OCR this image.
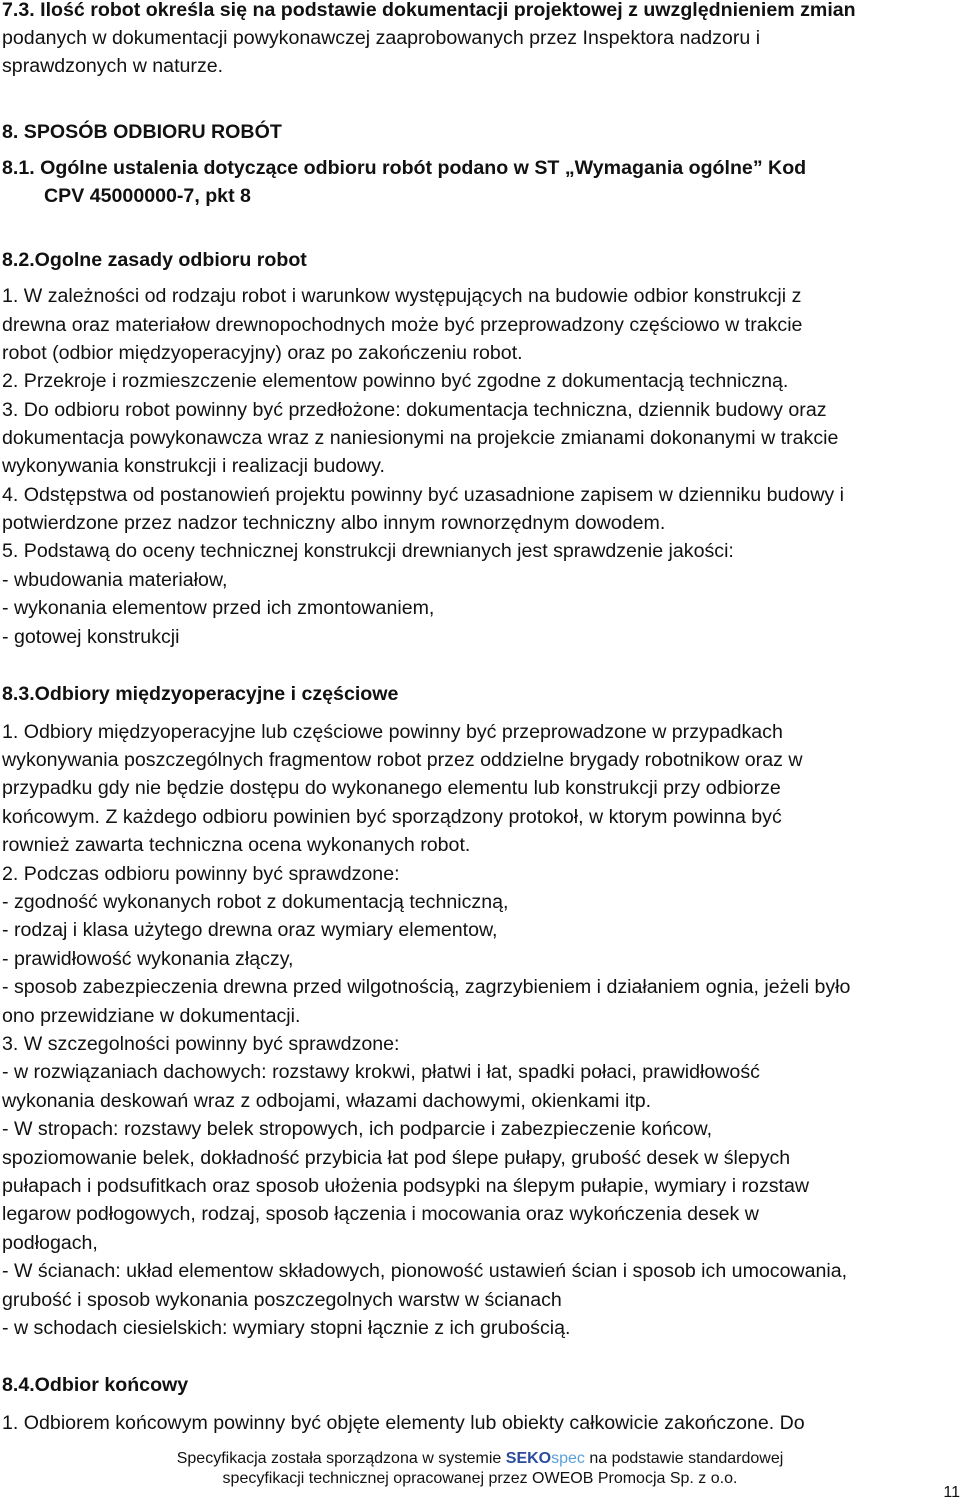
7.3. Ilość robot określa się na podstawie dokumentacji projektowej z uwzględnieniem zmian
podanych w dokumentacji powykonawczej zaaprobowanych przez Inspektora nadzoru i
sprawdzonych w naturze.
8. SPOSÓB ODBIORU ROBÓT
8.1. Ogólne ustalenia dotyczące odbioru robót podano w ST „Wymagania ogólne” Kod
CPV 45000000-7, pkt 8
8.2.Ogolne zasady odbioru robot
1. W zależności od rodzaju robot i warunkow występujących na budowie odbior konstrukcji z
drewna oraz materiałow drewnopochodnych może być przeprowadzony częściowo w trakcie
robot (odbior międzyoperacyjny) oraz po zakończeniu robot.
2. Przekroje i rozmieszczenie elementow powinno być zgodne z dokumentacją techniczną.
3. Do odbioru robot powinny być przedłożone: dokumentacja techniczna, dziennik budowy oraz
dokumentacja powykonawcza wraz z naniesionymi na projekcie zmianami dokonanymi w trakcie
wykonywania konstrukcji i realizacji budowy.
4. Odstępstwa od postanowień projektu powinny być uzasadnione zapisem w dzienniku budowy i
potwierdzone przez nadzor techniczny albo innym rownorzędnym dowodem.
5. Podstawą do oceny technicznej konstrukcji drewnianych jest sprawdzenie jakości:
- wbudowania materiałow,
- wykonania elementow przed ich zmontowaniem,
- gotowej konstrukcji
8.3.Odbiory międzyoperacyjne i częściowe
1. Odbiory międzyoperacyjne lub częściowe powinny być przeprowadzone w przypadkach
wykonywania poszczególnych fragmentow robot przez oddzielne brygady robotnikow oraz w
przypadku gdy nie będzie dostępu do wykonanego elementu lub konstrukcji przy odbiorze
końcowym. Z każdego odbioru powinien być sporządzony protokoł, w ktorym powinna być
rownież zawarta techniczna ocena wykonanych robot.
2. Podczas odbioru powinny być sprawdzone:
- zgodność wykonanych robot z dokumentacją techniczną,
- rodzaj i klasa użytego drewna oraz wymiary elementow,
- prawidłowość wykonania złączy,
- sposob zabezpieczenia drewna przed wilgotnością, zagrzybieniem i działaniem ognia, jeżeli było
ono przewidziane w dokumentacji.
3. W szczegolności powinny być sprawdzone:
- w rozwiązaniach dachowych: rozstawy krokwi, płatwi i łat, spadki połaci, prawidłowość
wykonania deskowań wraz z odbojami, włazami dachowymi, okienkami itp.
- W stropach: rozstawy belek stropowych, ich podparcie i zabezpieczenie końcow,
spoziomowanie belek, dokładność przybicia łat pod ślepe pułapy, grubość desek w ślepych
pułapach i podsufitkach oraz sposob ułożenia podsypki na ślepym pułapie, wymiary i rozstaw
legarow podłogowych, rodzaj, sposob łączenia i mocowania oraz wykończenia desek w
podłogach,
- W ścianach: układ elementow składowych, pionowość ustawień ścian i sposob ich umocowania,
grubość i sposob wykonania poszczegolnych warstw w ścianach
- w schodach ciesielskich: wymiary stopni łącznie z ich grubością.
8.4.Odbior końcowy
1. Odbiorem końcowym powinny być objęte elementy lub obiekty całkowicie zakończone. Do
Specyfikacja została sporządzona w systemie SEKOspec na podstawie standardowej
specyfikacji technicznej opracowanej przez OWEOB Promocja Sp. z o.o.
11
